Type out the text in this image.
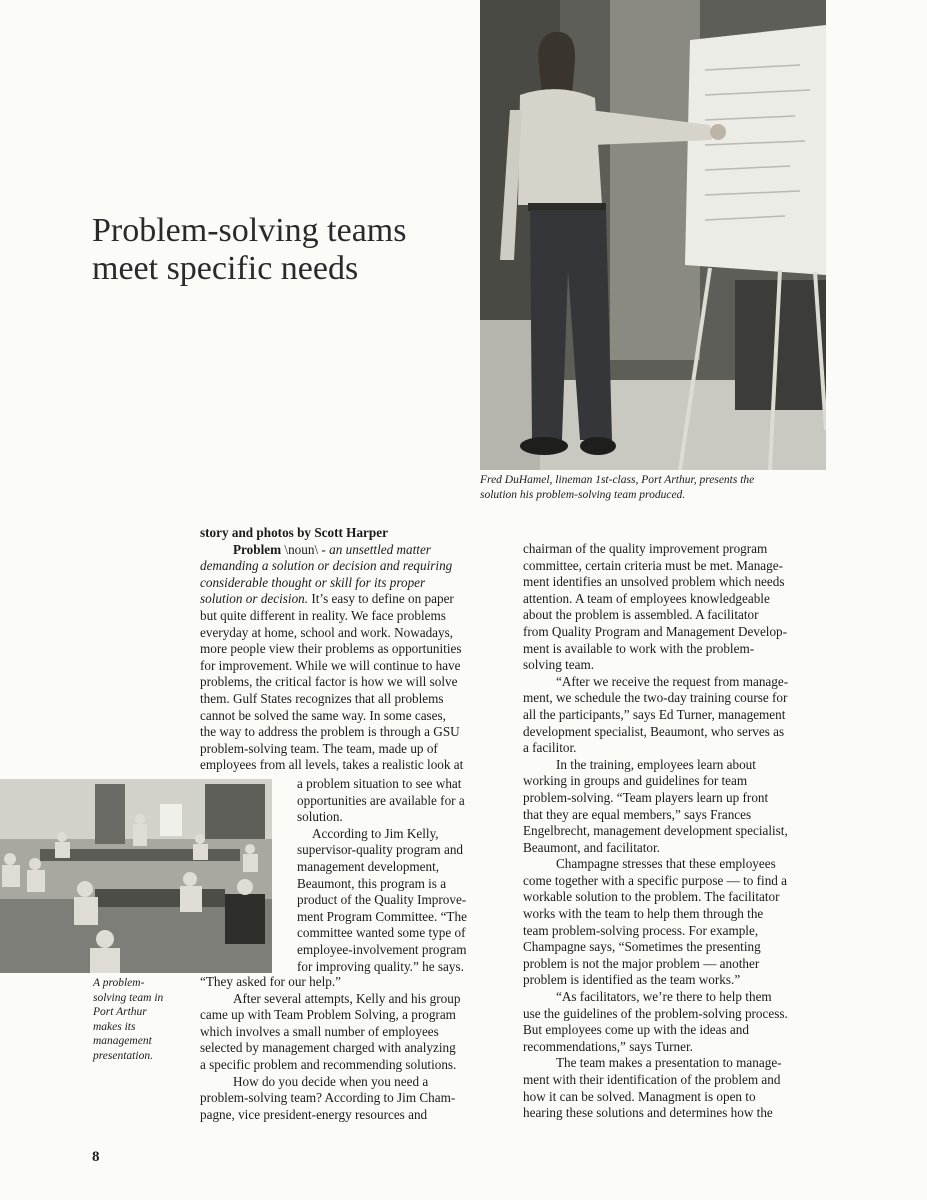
Problem-solving teams
meet specific needs
Fred DuHamel, lineman 1st-class, Port Arthur, presents the
solution his problem-solving team produced.
A problem-
solving team in
Port Arthur
makes its
management
presentation.
story and photos by Scott Harper
Problem \noun\ - an unsettled matter
demanding a solution or decision and requiring
considerable thought or skill for its proper
solution or decision. It’s easy to define on paper
but quite different in reality. We face problems
everyday at home, school and work. Nowadays,
more people view their problems as opportunities
for improvement. While we will continue to have
problems, the critical factor is how we will solve
them. Gulf States recognizes that all problems
cannot be solved the same way. In some cases,
the way to address the problem is through a GSU
problem-solving team. The team, made up of
employees from all levels, takes a realistic look at
a problem situation to see what
opportunities are available for a
solution.
According to Jim Kelly,
supervisor-quality program and
management development,
Beaumont, this program is a
product of the Quality Improve-
ment Program Committee. “The
committee wanted some type of
employee-involvement program
for improving quality.” he says.
“They asked for our help.”
After several attempts, Kelly and his group
came up with Team Problem Solving, a program
which involves a small number of employees
selected by management charged with analyzing
a specific problem and recommending solutions.
How do you decide when you need a
problem-solving team? According to Jim Cham-
pagne, vice president-energy resources and
chairman of the quality improvement program
committee, certain criteria must be met. Manage-
ment identifies an unsolved problem which needs
attention. A team of employees knowledgeable
about the problem is assembled. A facilitator
from Quality Program and Management Develop-
ment is available to work with the problem-
solving team.
“After we receive the request from manage-
ment, we schedule the two-day training course for
all the participants,” says Ed Turner, management
development specialist, Beaumont, who serves as
a facilitor.
In the training, employees learn about
working in groups and guidelines for team
problem-solving. “Team players learn up front
that they are equal members,” says Frances
Engelbrecht, management development specialist,
Beaumont, and facilitator.
Champagne stresses that these employees
come together with a specific purpose — to find a
workable solution to the problem. The facilitator
works with the team to help them through the
team problem-solving process. For example,
Champagne says, “Sometimes the presenting
problem is not the major problem — another
problem is identified as the team works.”
“As facilitators, we’re there to help them
use the guidelines of the problem-solving process.
But employees come up with the ideas and
recommendations,” says Turner.
The team makes a presentation to manage-
ment with their identification of the problem and
how it can be solved. Managment is open to
hearing these solutions and determines how the
8
